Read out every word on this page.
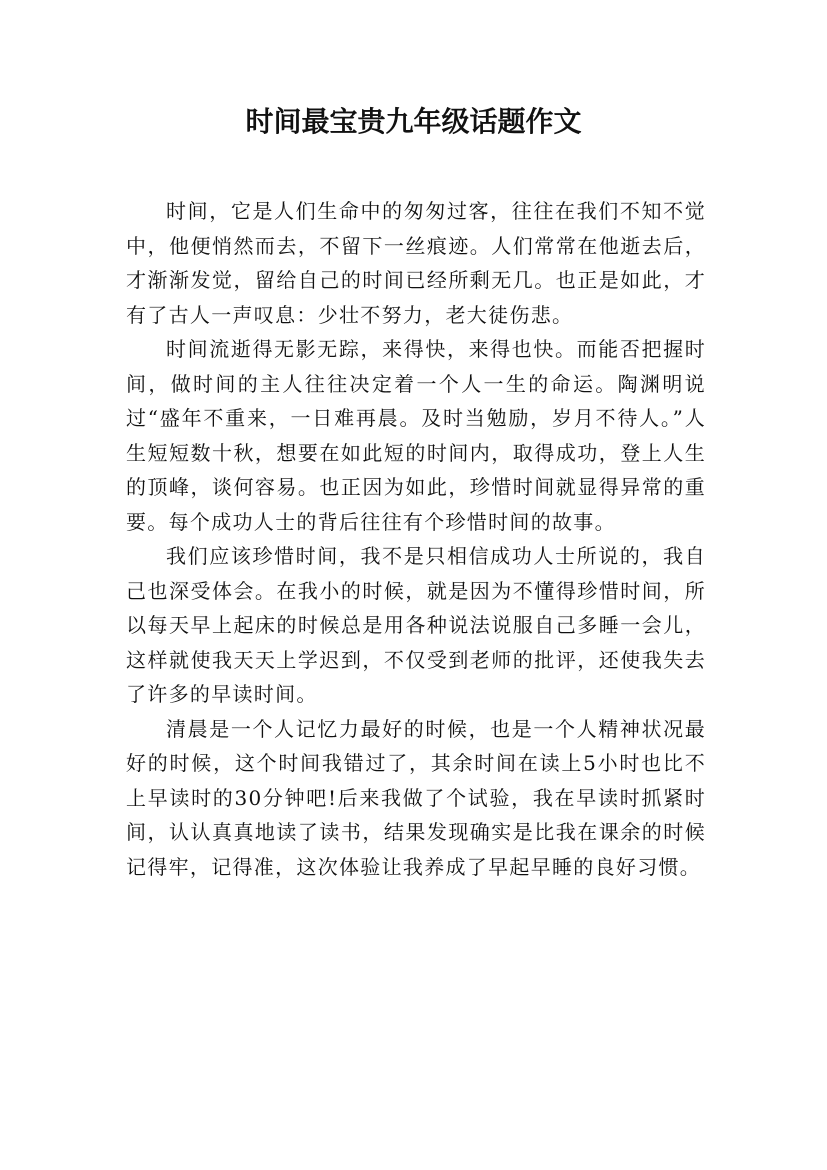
时间最宝贵九年级话题作文

时间，它是人们生命中的匆匆过客，往往在我们不知不觉中，他便悄然而去，不留下一丝痕迹。人们常常在他逝去后，才渐渐发觉，留给自己的时间已经所剩无几。也正是如此，才有了古人一声叹息：少壮不努力，老大徒伤悲。

时间流逝得无影无踪，来得快，来得也快。而能否把握时间，做时间的主人往往决定着一个人一生的命运。陶渊明说过“盛年不重来，一日难再晨。及时当勉励，岁月不待人。”人生短短数十秋，想要在如此短的时间内，取得成功，登上人生的顶峰，谈何容易。也正因为如此，珍惜时间就显得异常的重要。每个成功人士的背后往往有个珍惜时间的故事。

我们应该珍惜时间，我不是只相信成功人士所说的，我自己也深受体会。在我小的时候，就是因为不懂得珍惜时间，所以每天早上起床的时候总是用各种说法说服自己多睡一会儿，这样就使我天天上学迟到，不仅受到老师的批评，还使我失去了许多的早读时间。

清晨是一个人记忆力最好的时候，也是一个人精神状况最好的时候，这个时间我错过了，其余时间在读上5小时也比不上早读时的30分钟吧!后来我做了个试验，我在早读时抓紧时间，认认真真地读了读书，结果发现确实是比我在课余的时候记得牢，记得准，这次体验让我养成了早起早睡的良好习惯。
